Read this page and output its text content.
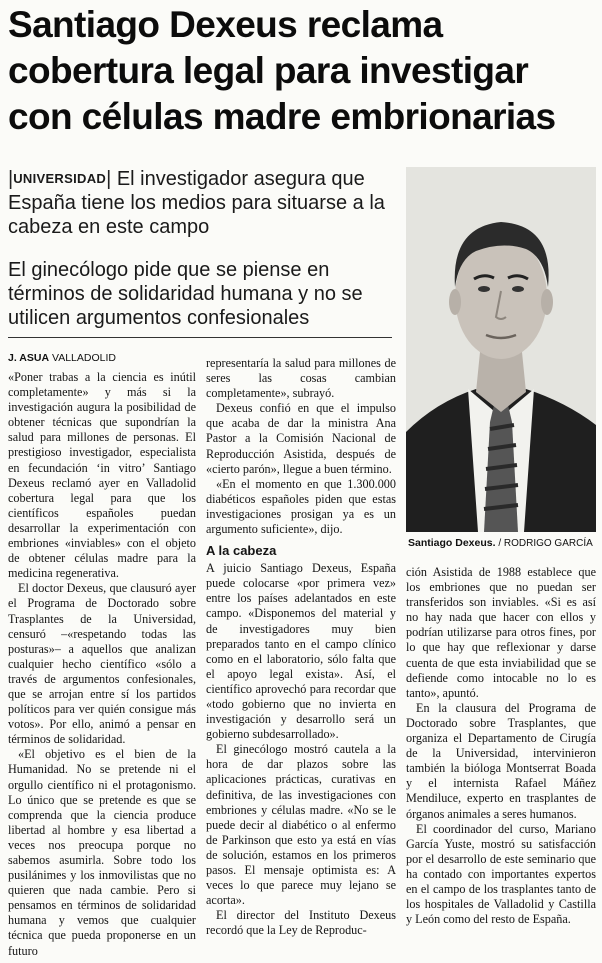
Santiago Dexeus reclama
cobertura legal para investigar
con células madre embrionarias
|UNIVERSIDAD| El investigador asegura que España tiene los medios para situarse a la cabeza en este campo
El ginecólogo pide que se piense en términos de solidaridad humana y no se utilicen argumentos confesionales
J. ASUA VALLADOLID
Santiago Dexeus. / RODRIGO GARCÍA

«Poner trabas a la ciencia es inútil completamente» y más si la investigación augura la posibilidad de obtener técnicas que supondrían la salud para millones de personas. El prestigioso investigador, especialista en fecundación ‘in vitro’ Santiago Dexeus reclamó ayer en Valladolid cobertura legal para que los científicos españoles puedan desarrollar la experimentación con embriones «inviables» con el objeto de obtener células madre para la medicina regenerativa.

El doctor Dexeus, que clausuró ayer el Programa de Doctorado sobre Trasplantes de la Universidad, censuró –«respetando todas las posturas»– a aquellos que analizan cualquier hecho científico «sólo a través de argumentos confesionales, que se arrojan entre sí los partidos políticos para ver quién consigue más votos». Por ello, animó a pensar en términos de solidaridad.

«El objetivo es el bien de la Humanidad. No se pretende ni el orgullo científico ni el protagonismo. Lo único que se pretende es que se comprenda que la ciencia produce libertad al hombre y esa libertad a veces nos preocupa porque no sabemos asumirla. Sobre todo los pusilánimes y los inmovilistas que no quieren que nada cambie. Pero si pensamos en términos de solidaridad humana y vemos que cualquier técnica que pueda proponerse en un futuro

representaría la salud para millones de seres las cosas cambian completamente», subrayó.

Dexeus confió en que el impulso que acaba de dar la ministra Ana Pastor a la Comisión Nacional de Reproducción Asistida, después de «cierto parón», llegue a buen término.

«En el momento en que 1.300.000 diabéticos españoles piden que estas investigaciones prosigan ya es un argumento suficiente», dijo.

A la cabeza

A juicio Santiago Dexeus, España puede colocarse «por primera vez» entre los países adelantados en este campo. «Disponemos del material y de investigadores muy bien preparados tanto en el campo clínico como en el laboratorio, sólo falta que el apoyo legal exista». Así, el científico aprovechó para recordar que «todo gobierno que no invierta en investigación y desarrollo será un gobierno subdesarrollado».

El ginecólogo mostró cautela a la hora de dar plazos sobre las aplicaciones prácticas, curativas en definitiva, de las investigaciones con embriones y células madre. «No se le puede decir al diabético o al enfermo de Parkinson que esto ya está en vías de solución, estamos en los primeros pasos. El mensaje optimista es: A veces lo que parece muy lejano se acorta».

El director del Instituto Dexeus recordó que la Ley de Reproduc-

ción Asistida de 1988 establece que los embriones que no puedan ser transferidos son inviables. «Si es así no hay nada que hacer con ellos y podrían utilizarse para otros fines, por lo que hay que reflexionar y darse cuenta de que esta inviabilidad que se defiende como intocable no lo es tanto», apuntó.

En la clausura del Programa de Doctorado sobre Trasplantes, que organiza el Departamento de Cirugía de la Universidad, intervinieron también la bióloga Montserrat Boada y el internista Rafael Máñez Mendiluce, experto en trasplantes de órganos animales a seres humanos.

El coordinador del curso, Mariano García Yuste, mostró su satisfacción por el desarrollo de este seminario que ha contado con importantes expertos en el campo de los trasplantes tanto de los hospitales de Valladolid y Castilla y León como del resto de España.
